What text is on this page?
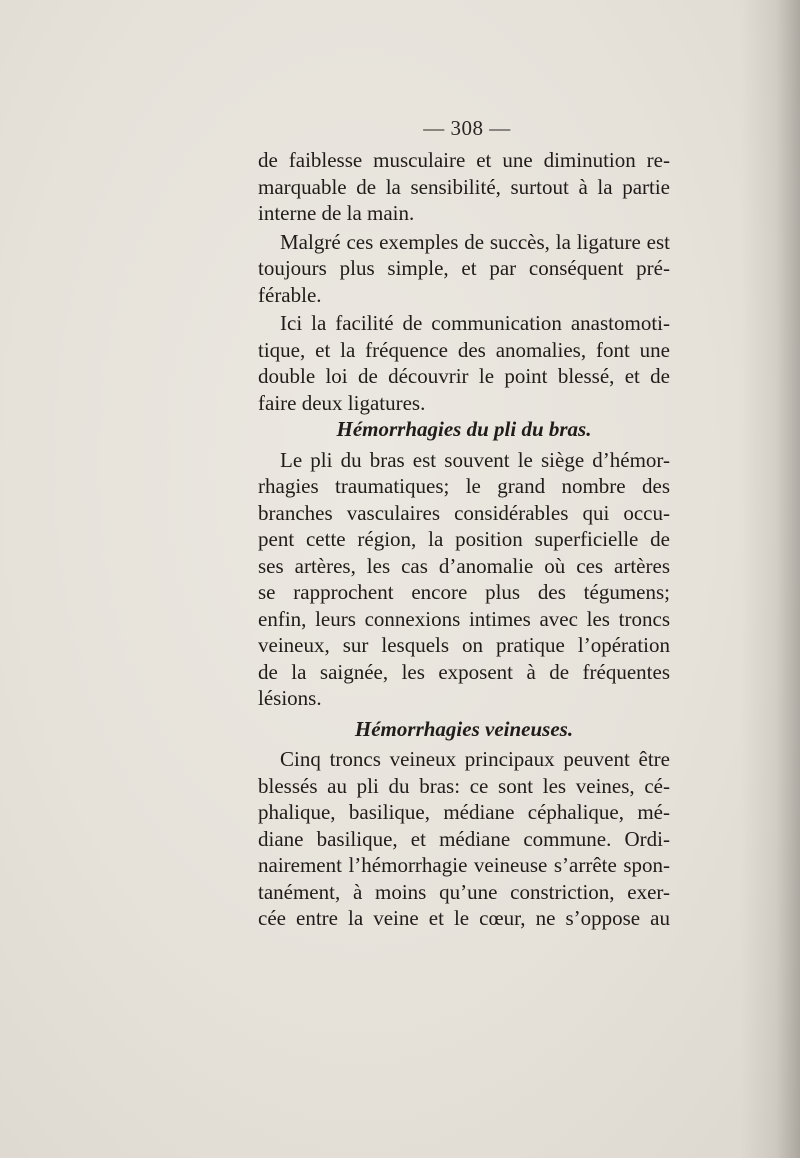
— 308 —
de faiblesse musculaire et une diminution re-
marquable de la sensibilité, surtout à la partie
interne de la main.
Malgré ces exemples de succès, la ligature est
toujours plus simple, et par conséquent pré-
férable.
Ici la facilité de communication anastomoti-
tique, et la fréquence des anomalies, font une
double loi de découvrir le point blessé, et de
faire deux ligatures.
Hémorrhagies du pli du bras.
Le pli du bras est souvent le siège d’hémor-
rhagies traumatiques; le grand nombre des
branches vasculaires considérables qui occu-
pent cette région, la position superficielle de
ses artères, les cas d’anomalie où ces artères
se rapprochent encore plus des tégumens;
enfin, leurs connexions intimes avec les troncs
veineux, sur lesquels on pratique l’opération
de la saignée, les exposent à de fréquentes
lésions.
Hémorrhagies veineuses.
Cinq troncs veineux principaux peuvent être
blessés au pli du bras: ce sont les veines, cé-
phalique, basilique, médiane céphalique, mé-
diane basilique, et médiane commune. Ordi-
nairement l’hémorrhagie veineuse s’arrête spon-
tanément, à moins qu’une constriction, exer-
cée entre la veine et le cœur, ne s’oppose au
